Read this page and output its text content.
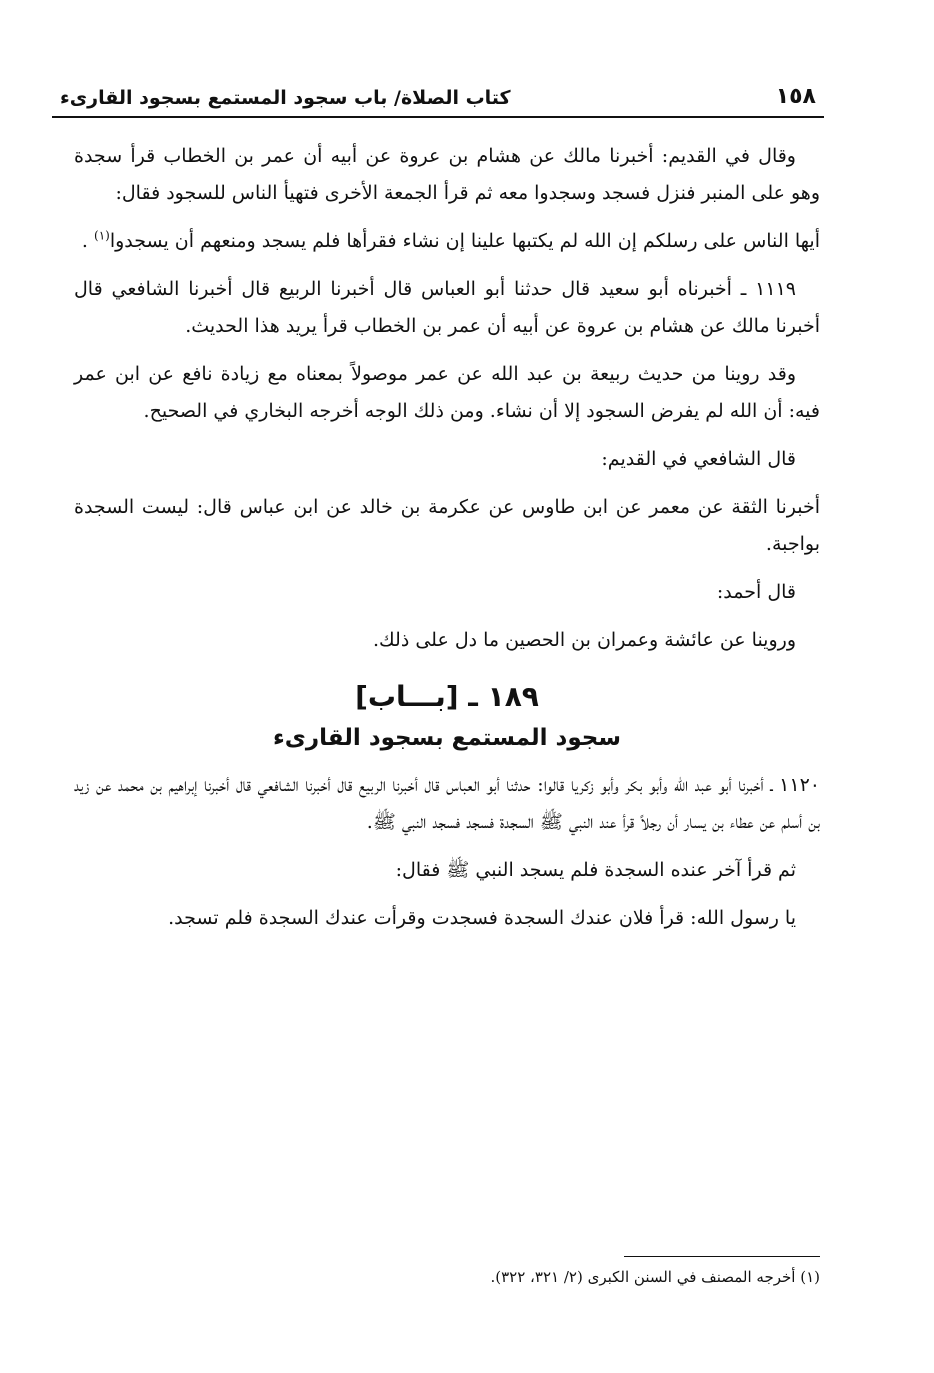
كتاب الصلاة/ باب سجود المستمع بسجود القارىء	١٥٨

وقال في القديم: أخبرنا مالك عن هشام بن عروة عن أبيه أن عمر بن الخطاب قرأ سجدة وهو على المنبر فنزل فسجد وسجدوا معه ثم قرأ الجمعة الأخرى فتهيأ الناس للسجود فقال:

أيها الناس على رسلكم إن الله لم يكتبها علينا إن نشاء فقرأها فلم يسجد ومنعهم أن يسجدوا$^{(١)}$ .

١١١٩ ـ أخبرناه أبو سعيد قال حدثنا أبو العباس قال أخبرنا الربيع قال أخبرنا الشافعي قال أخبرنا مالك عن هشام بن عروة عن أبيه أن عمر بن الخطاب قرأ يريد هذا الحديث.

وقد روينا من حديث ربيعة بن عبد الله عن عمر موصولاً بمعناه مع زيادة نافع عن ابن عمر فيه: أن الله لم يفرض السجود إلا أن نشاء. ومن ذلك الوجه أخرجه البخاري في الصحيح.

قال الشافعي في القديم:

أخبرنا الثقة عن معمر عن ابن طاوس عن عكرمة بن خالد عن ابن عباس قال: ليست السجدة بواجبة.

قال أحمد:

وروينا عن عائشة وعمران بن الحصين ما دل على ذلك.

١٨٩ ـ [بـــاب]
سجود المستمع بسجود القارىء

١١٢٠ ـ أخبرنا أبو عبد الله وأبو بكر وأبو زكريا قالوا: حدثنا أبو العباس قال أخبرنا الربيع قال أخبرنا الشافعي قال أخبرنا إبراهيم بن محمد عن زيد بن أسلم عن عطاء بن يسار أن رجلاً قرأ عند النبي ﷺ السجدة فسجد فسجد النبي ﷺ.

ثم قرأ آخر عنده السجدة فلم يسجد النبي ﷺ فقال:

يا رسول الله: قرأ فلان عندك السجدة فسجدت وقرأت عندك السجدة فلم تسجد.

(١) أخرجه المصنف في السنن الكبرى (٢/ ٣٢١، ٣٢٢).
